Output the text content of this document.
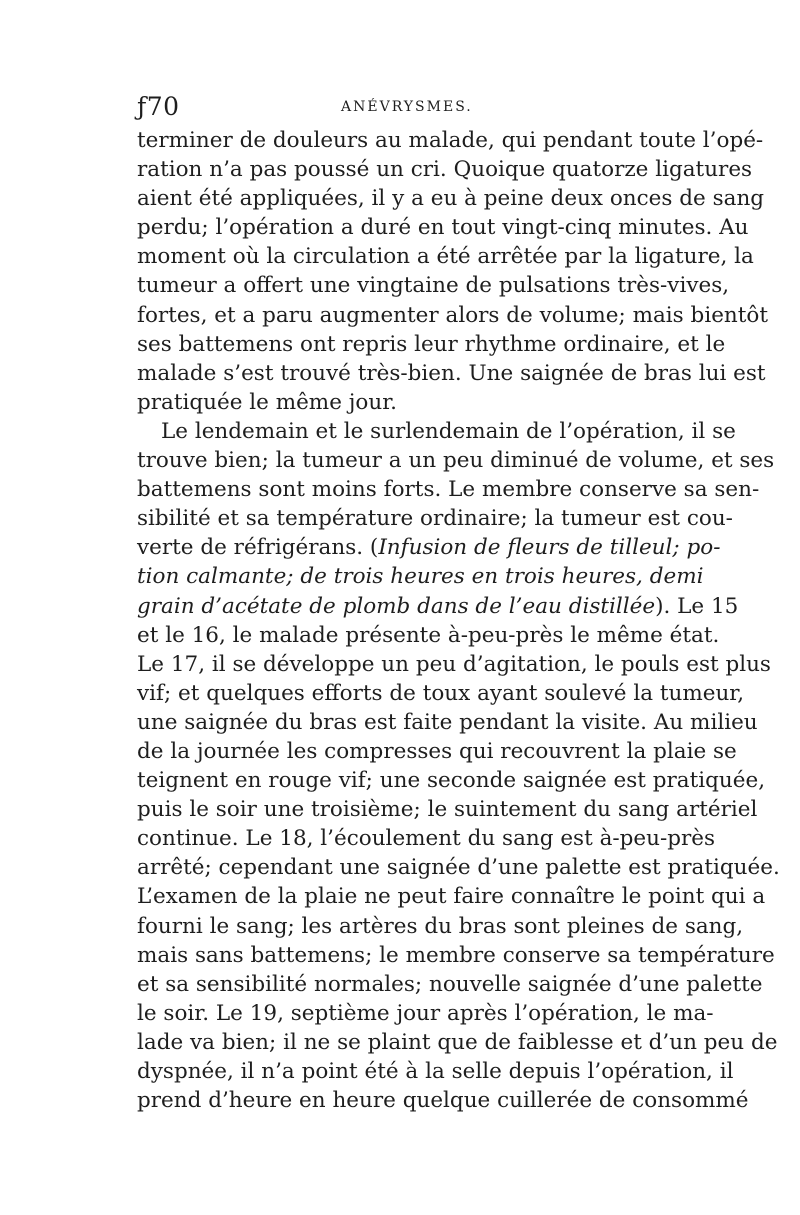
ƒ70	ANÉVRYSMES.
terminer de douleurs au malade, qui pendant toute l’opé-
ration n’a pas poussé un cri. Quoique quatorze ligatures
aient été appliquées, il y a eu à peine deux onces de sang
perdu; l’opération a duré en tout vingt-cinq minutes. Au
moment où la circulation a été arrêtée par la ligature, la
tumeur a offert une vingtaine de pulsations très-vives,
fortes, et a paru augmenter alors de volume; mais bientôt
ses battemens ont repris leur rhythme ordinaire, et le
malade s’est trouvé très-bien. Une saignée de bras lui est
pratiquée le même jour.
Le lendemain et le surlendemain de l’opération, il se
trouve bien; la tumeur a un peu diminué de volume, et ses
battemens sont moins forts. Le membre conserve sa sen-
sibilité et sa température ordinaire; la tumeur est cou-
verte de réfrigérans. (Infusion de fleurs de tilleul; po-
tion calmante; de trois heures en trois heures, demi
grain d’acétate de plomb dans de l’eau distillée). Le 15
et le 16, le malade présente à-peu-près le même état.
Le 17, il se développe un peu d’agitation, le pouls est plus
vif; et quelques efforts de toux ayant soulevé la tumeur,
une saignée du bras est faite pendant la visite. Au milieu
de la journée les compresses qui recouvrent la plaie se
teignent en rouge vif; une seconde saignée est pratiquée,
puis le soir une troisième; le suintement du sang artériel
continue. Le 18, l’écoulement du sang est à-peu-près
arrêté; cependant une saignée d’une palette est pratiquée.
L’examen de la plaie ne peut faire connaître le point qui a
fourni le sang; les artères du bras sont pleines de sang,
mais sans battemens; le membre conserve sa température
et sa sensibilité normales; nouvelle saignée d’une palette
le soir. Le 19, septième jour après l’opération, le ma-
lade va bien; il ne se plaint que de faiblesse et d’un peu de
dyspnée, il n’a point été à la selle depuis l’opération, il
prend d’heure en heure quelque cuillerée de consommé
